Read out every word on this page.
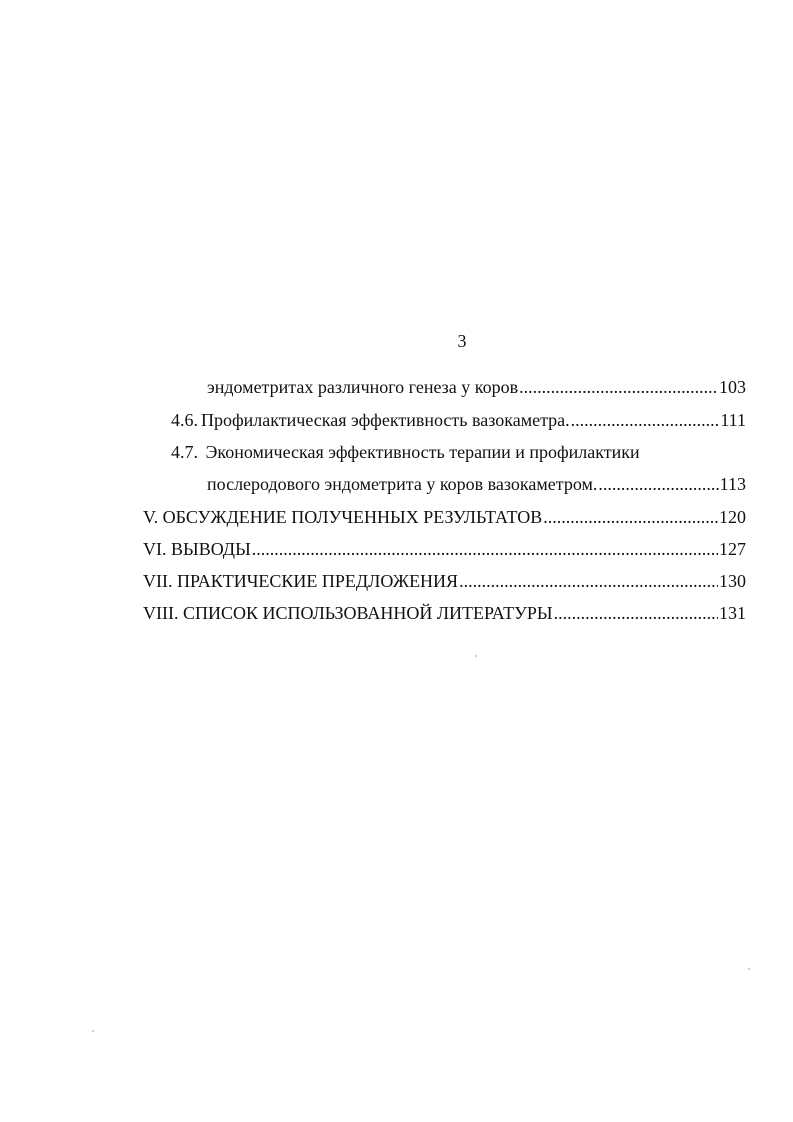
3
эндометритах различного генеза у коров .....	103
4.6. Профилактическая эффективность вазокаметра. .....	111
4.7. Экономическая эффективность терапии и профилактики
послеродового эндометрита у коров вазокаметром. .....	113
V. ОБСУЖДЕНИЕ ПОЛУЧЕННЫХ РЕЗУЛЬТАТОВ .....	120
VI. ВЫВОДЫ .....	127
VII. ПРАКТИЧЕСКИЕ ПРЕДЛОЖЕНИЯ .....	130
VIII. СПИСОК ИСПОЛЬЗОВАННОЙ ЛИТЕРАТУРЫ .....	131
